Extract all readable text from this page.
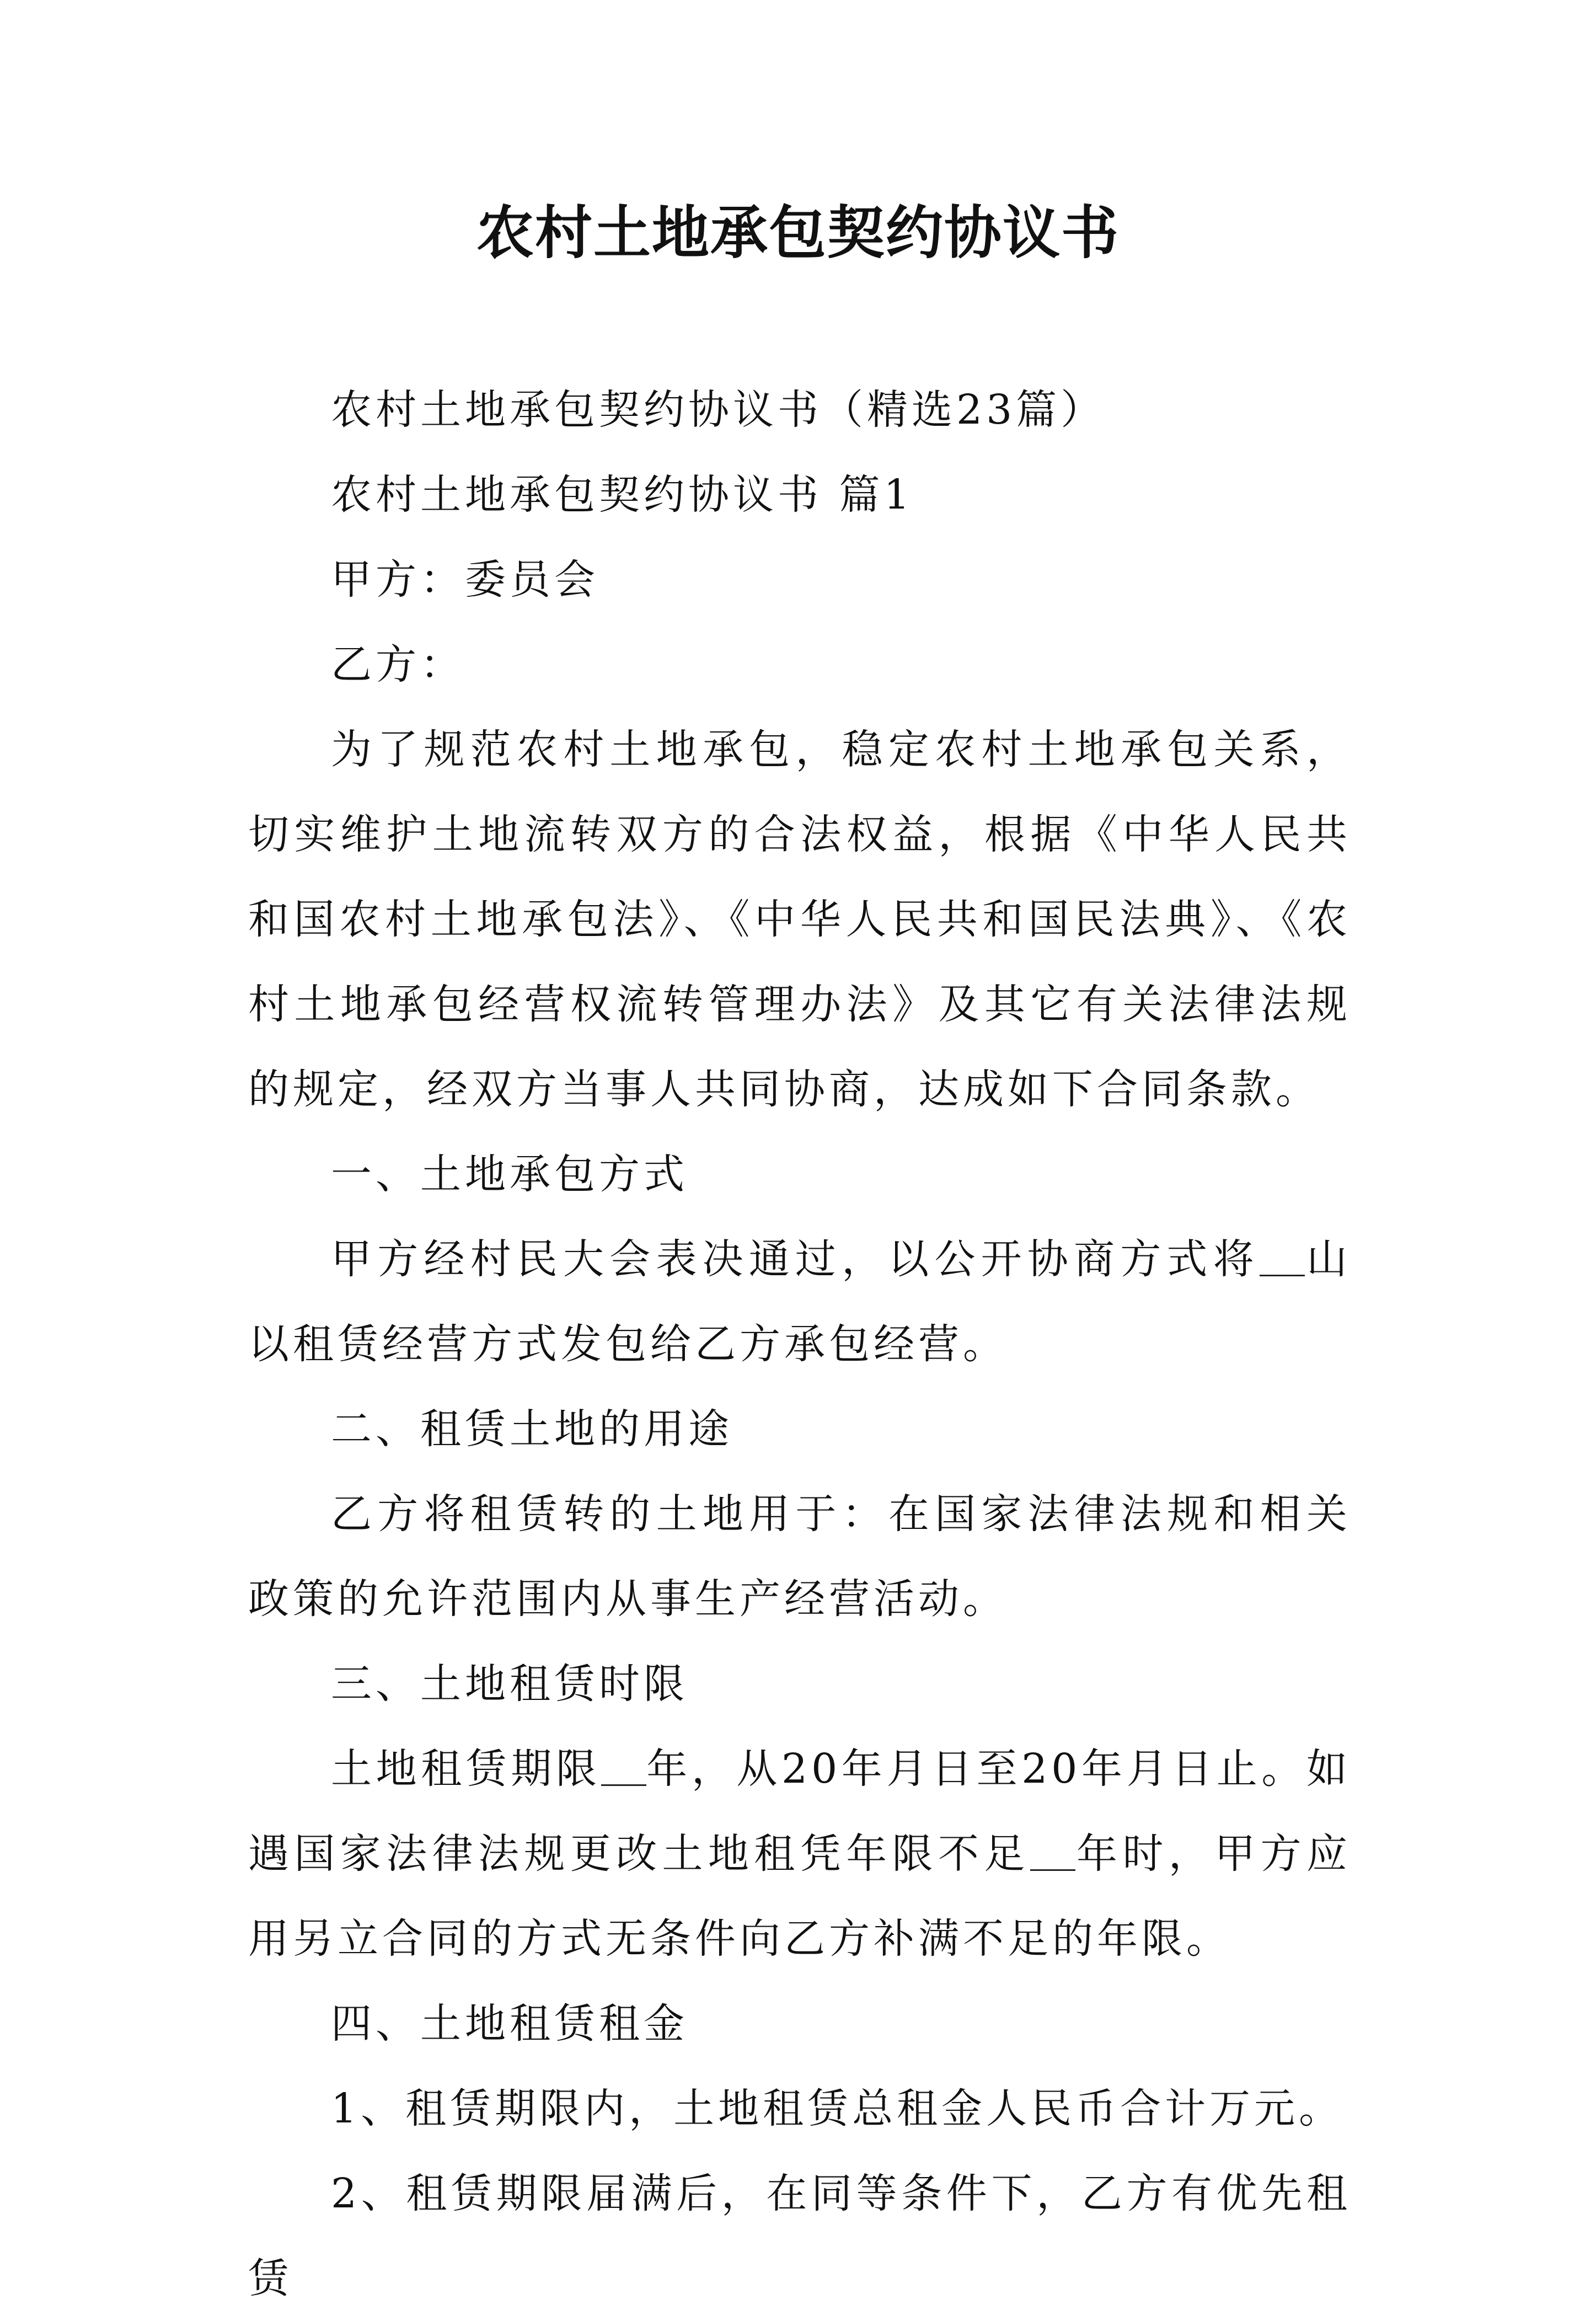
农村土地承包契约协议书

农村土地承包契约协议书（精选23篇）

农村土地承包契约协议书 篇1

甲方：委员会

乙方：

为了规范农村土地承包，稳定农村土地承包关系，切实维护土地流转双方的合法权益，根据《中华人民共和国农村土地承包法》、《中华人民共和国民法典》、《农村土地承包经营权流转管理办法》及其它有关法律法规的规定，经双方当事人共同协商，达成如下合同条款。

一、土地承包方式

甲方经村民大会表决通过，以公开协商方式将 山以租赁经营方式发包给乙方承包经营。

二、租赁土地的用途

乙方将租赁转的土地用于：在国家法律法规和相关政策的允许范围内从事生产经营活动。

三、土地租赁时限

土地租赁期限 年，从20年月日至20年月日止。如遇国家法律法规更改土地租凭年限不足 年时，甲方应用另立合同的方式无条件向乙方补满不足的年限。

四、土地租赁租金

1、租赁期限内，土地租赁总租金人民币合计万元。

2、租赁期限届满后，在同等条件下，乙方有优先租赁
